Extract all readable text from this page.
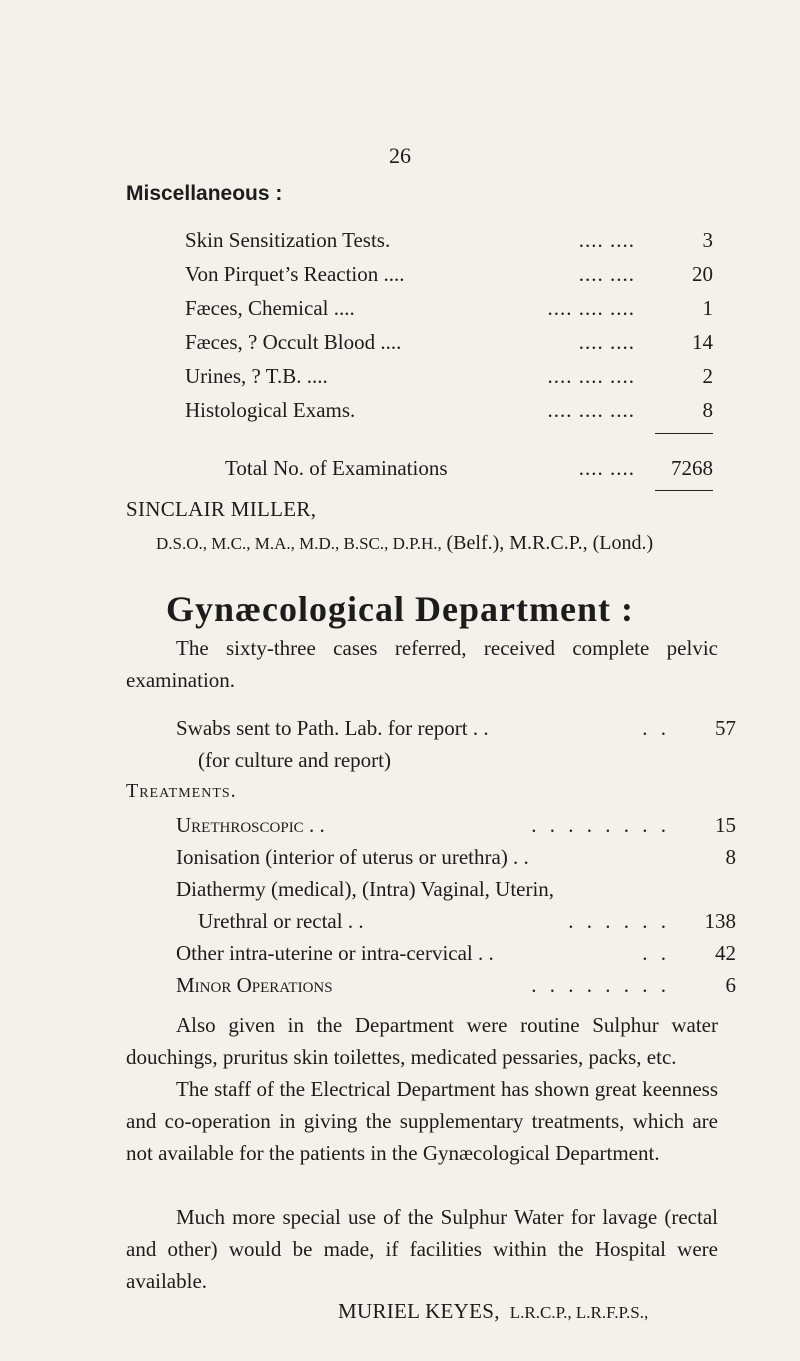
26
Miscellaneous :
Skin Sensitization Tests.	.... ....	3
Von Pirquet’s Reaction ....	.... ....	20
Fæces, Chemical ....	.... .... ....	1
Fæces, ? Occult Blood ....	.... ....	14
Urines, ? T.B. ....	.... .... ....	2
Histological Exams.	.... .... ....	8
Total No. of Examinations	.... ....	7268
SINCLAIR MILLER,
D.S.O., M.C., M.A., M.D., B.SC., D.P.H., (Belf.), M.R.C.P., (Lond.)
Gynæcological Department :
The sixty-three cases referred, received complete pelvic examination.
Swabs sent to Path. Lab. for report . .	. .	57
(for culture and report)
Treatments.
Urethroscopic . .	. . . . . . . .	15
Ionisation (interior of uterus or urethra) . .	8
Diathermy (medical), (Intra) Vaginal, Uterin,
Urethral or rectal . .	. . . . . .	138
Other intra-uterine or intra-cervical . .	. .	42
Minor Operations	. . . . . . . .	6
Also given in the Department were routine Sulphur water douchings, pruritus skin toilettes, medicated pessaries, packs, etc.
The staff of the Electrical Department has shown great keenness and co-operation in giving the supplementary treatments, which are not available for the patients in the Gynæcological Department.
Much more special use of the Sulphur Water for lavage (rectal and other) would be made, if facilities within the Hospital were available.
MURIEL KEYES, L.R.C.P., L.R.F.P.S.,
